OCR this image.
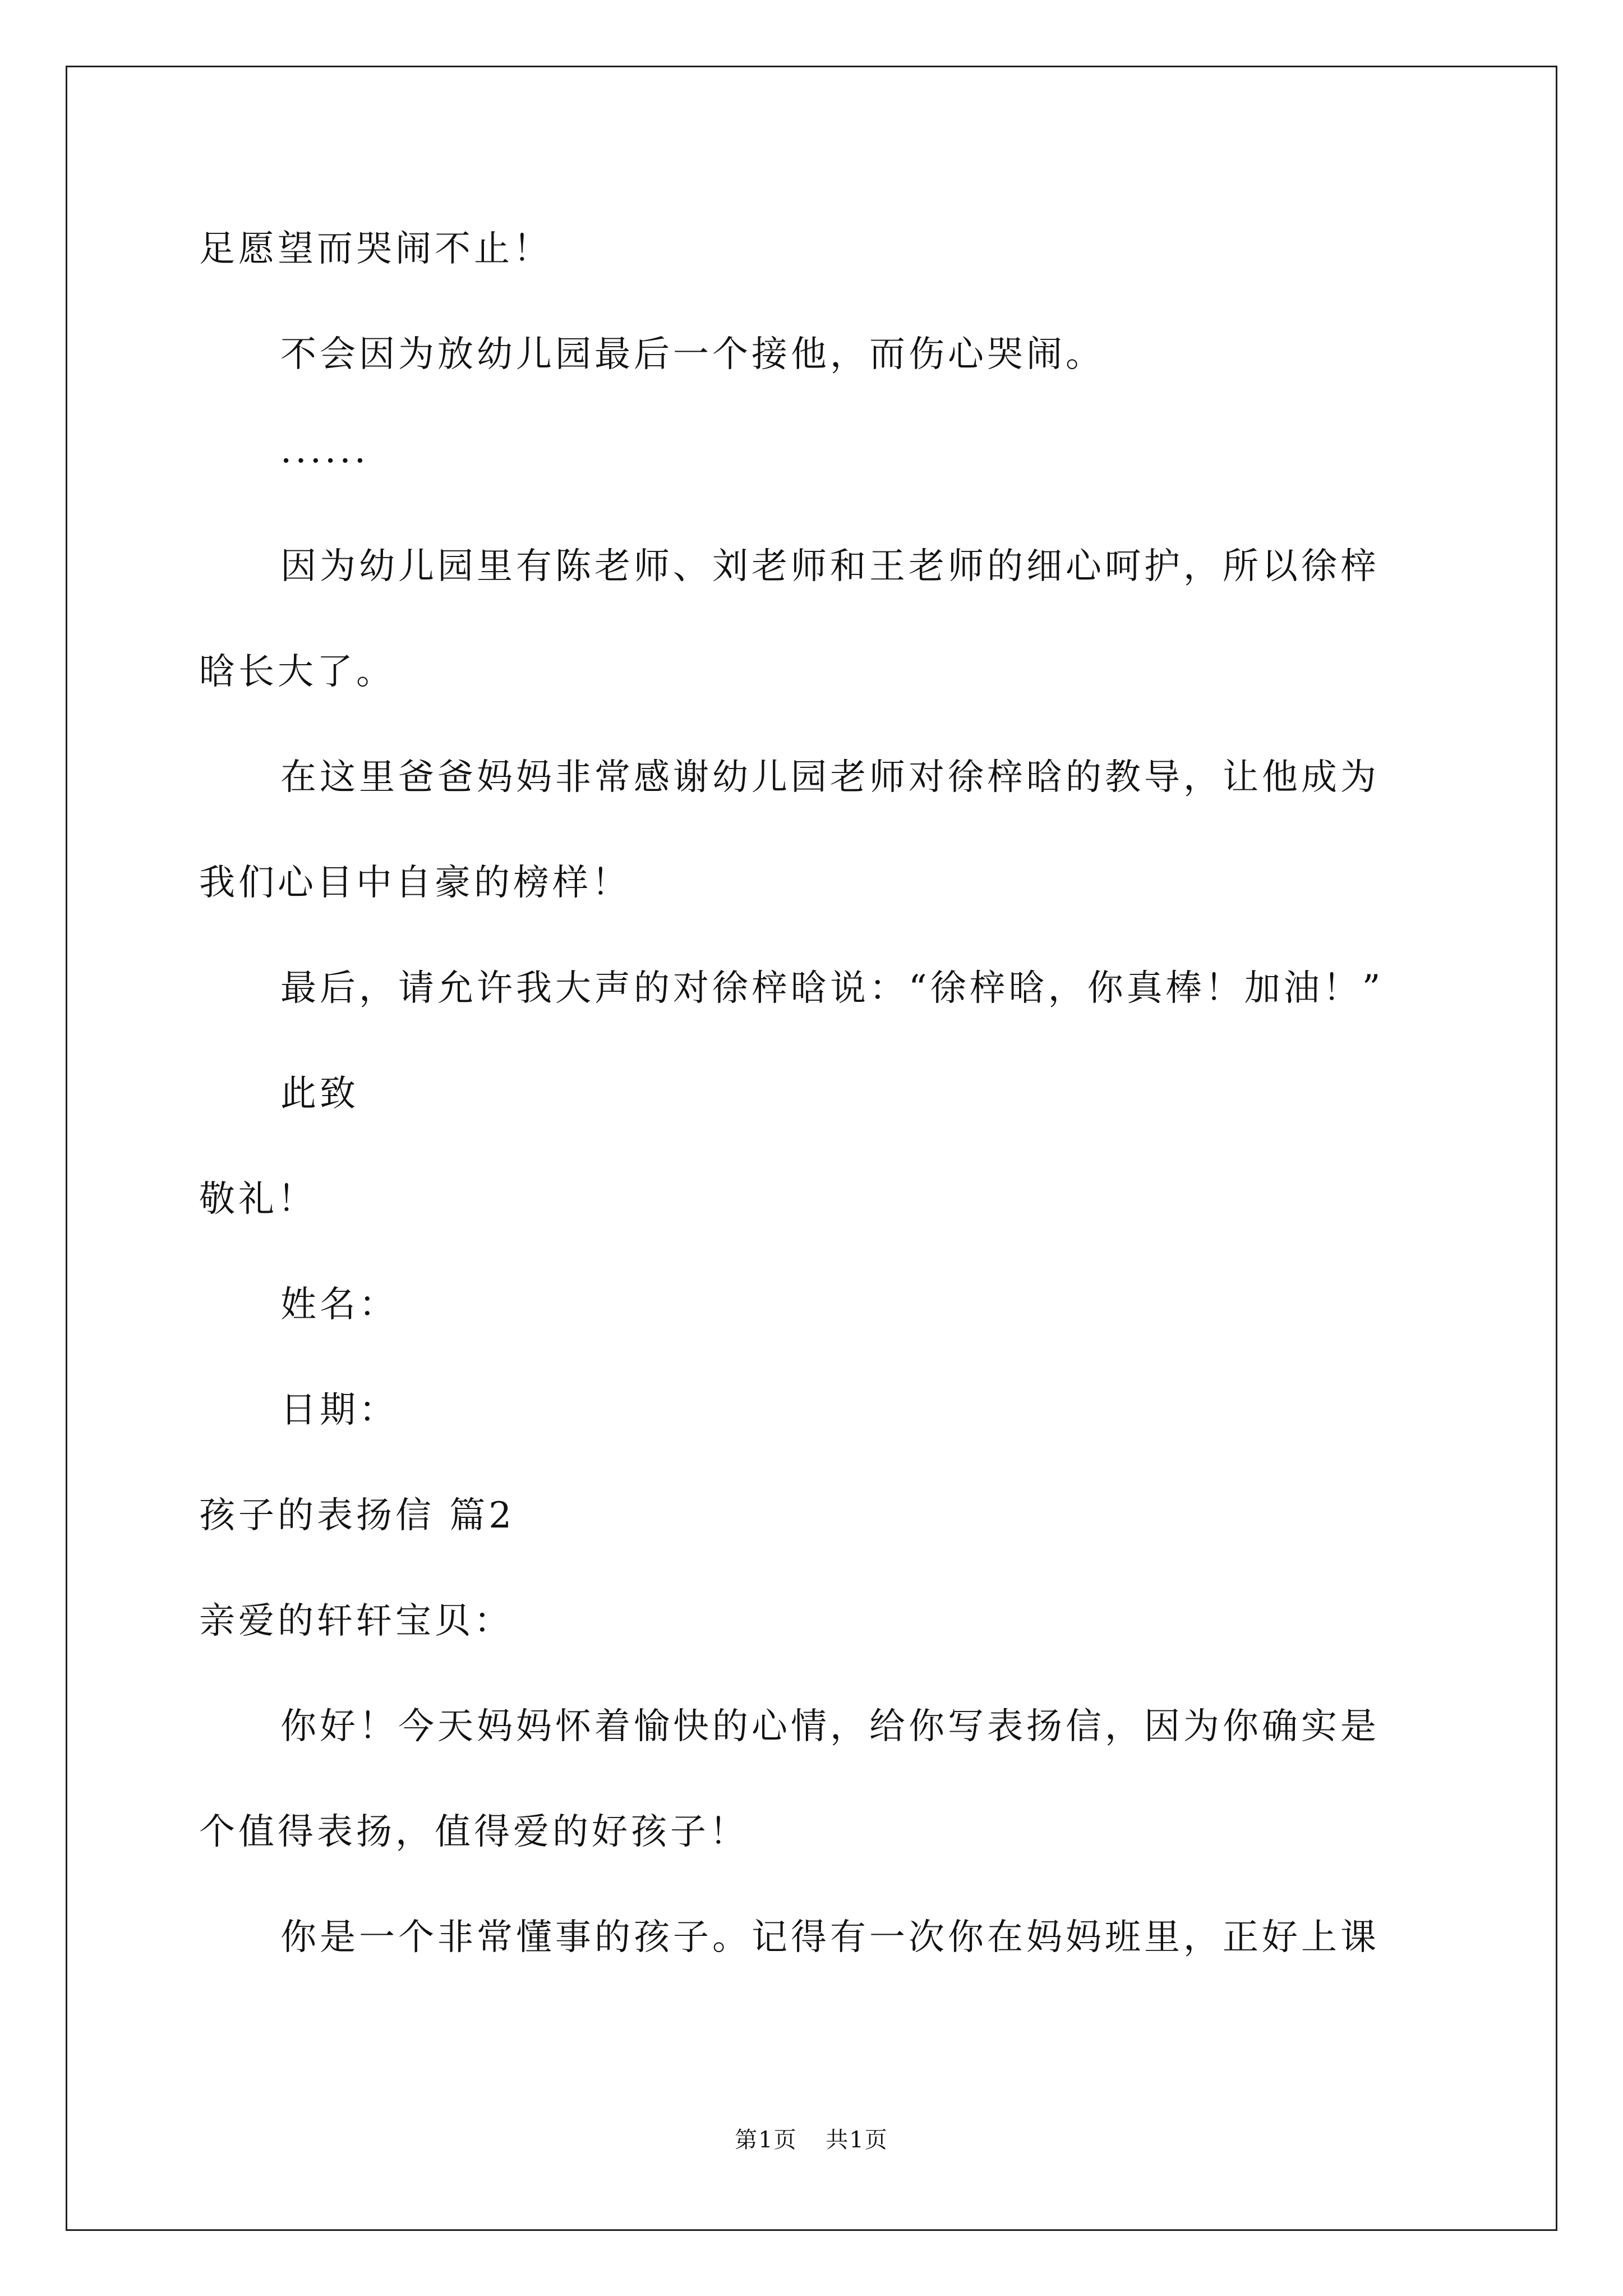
足愿望而哭闹不止！

不会因为放幼儿园最后一个接他，而伤心哭闹。

······

因为幼儿园里有陈老师、刘老师和王老师的细心呵护，所以徐梓

晗长大了。

在这里爸爸妈妈非常感谢幼儿园老师对徐梓晗的教导，让他成为

我们心目中自豪的榜样！

最后，请允许我大声的对徐梓晗说：“徐梓晗，你真棒！加油！”

此致

敬礼！

姓名：

日期：

孩子的表扬信 篇2

亲爱的轩轩宝贝：

你好！今天妈妈怀着愉快的心情，给你写表扬信，因为你确实是

个值得表扬，值得爱的好孩子！

你是一个非常懂事的孩子。记得有一次你在妈妈班里，正好上课

第1页 共1页
